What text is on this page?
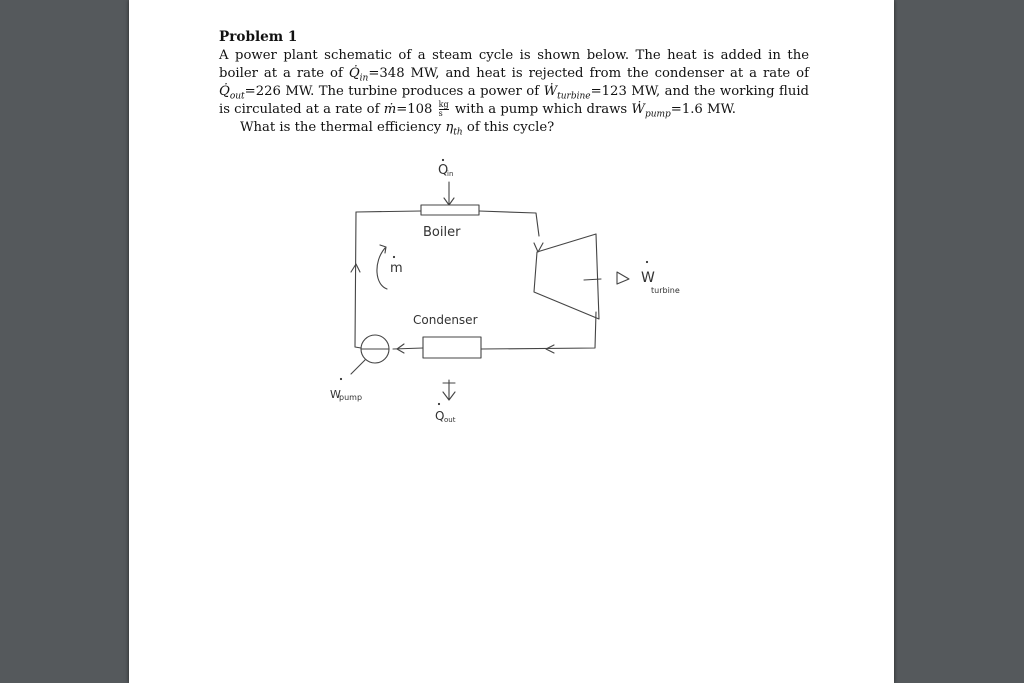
Problem 1
A power plant schematic of a steam cycle is shown below. The heat is added in the boiler at a rate of $Q̇_{in}=348$ MW, and heat is rejected from the condenser at a rate of $Q̇_{out}=226$ MW. The turbine produces a power of Ẇ$_{turbine}$=123 MW, and the working fluid is circulated at a rate of ṁ=108 $\frac{kg}{s}$ with a pump which draws Ẇ$_{pump}$=1.6 MW.
What is the thermal efficiency $\eta_{th}$ of this cycle?
Q
in
Boiler
m
Condenser
W
turbine
W
pump
Q out
